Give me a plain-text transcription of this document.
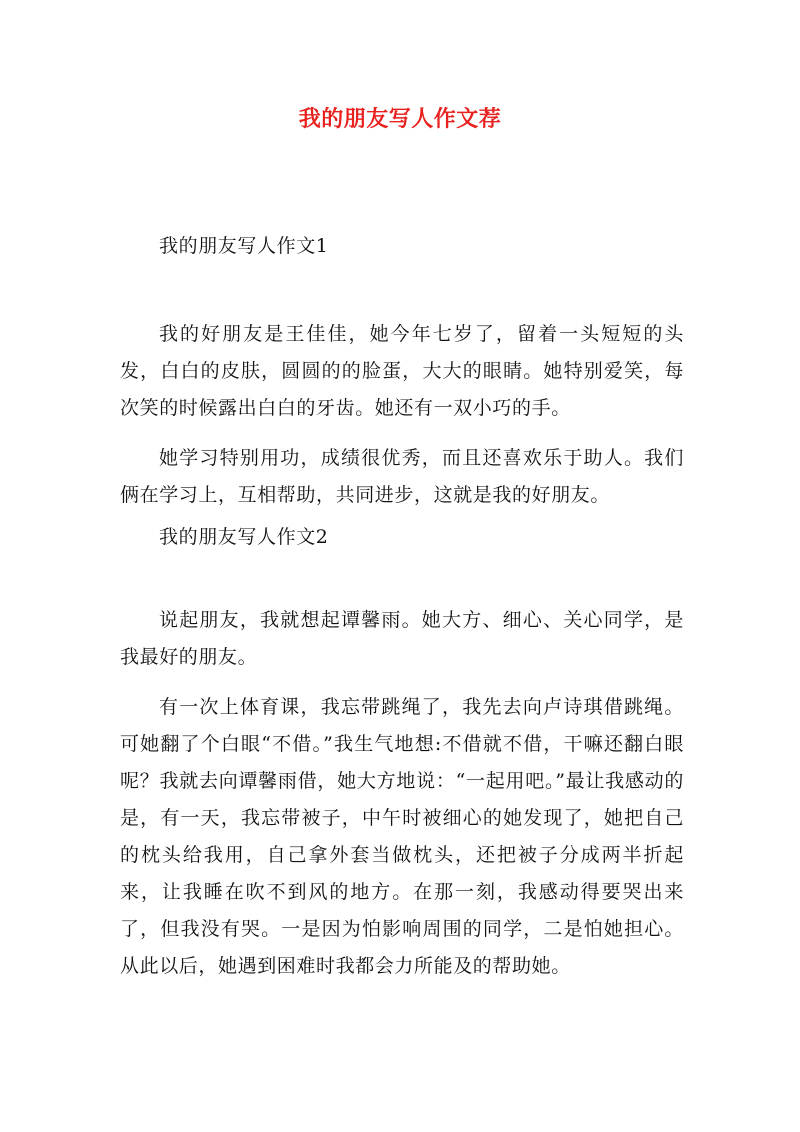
我的朋友写人作文荐
我的朋友写人作文1

我的好朋友是王佳佳，她今年七岁了，留着一头短短的头发，白白的皮肤，圆圆的的脸蛋，大大的眼睛。她特别爱笑，每次笑的时候露出白白的牙齿。她还有一双小巧的手。

她学习特别用功，成绩很优秀，而且还喜欢乐于助人。我们俩在学习上，互相帮助，共同进步，这就是我的好朋友。

我的朋友写人作文2

说起朋友，我就想起谭馨雨。她大方、细心、关心同学，是我最好的朋友。

有一次上体育课，我忘带跳绳了，我先去向卢诗琪借跳绳。可她翻了个白眼“不借。”我生气地想:不借就不借，干嘛还翻白眼呢？我就去向谭馨雨借，她大方地说：“一起用吧。”最让我感动的是，有一天，我忘带被子，中午时被细心的她发现了，她把自己的枕头给我用，自己拿外套当做枕头，还把被子分成两半折起来，让我睡在吹不到风的地方。在那一刻，我感动得要哭出来了，但我没有哭。一是因为怕影响周围的同学，二是怕她担心。从此以后，她遇到困难时我都会力所能及的帮助她。
